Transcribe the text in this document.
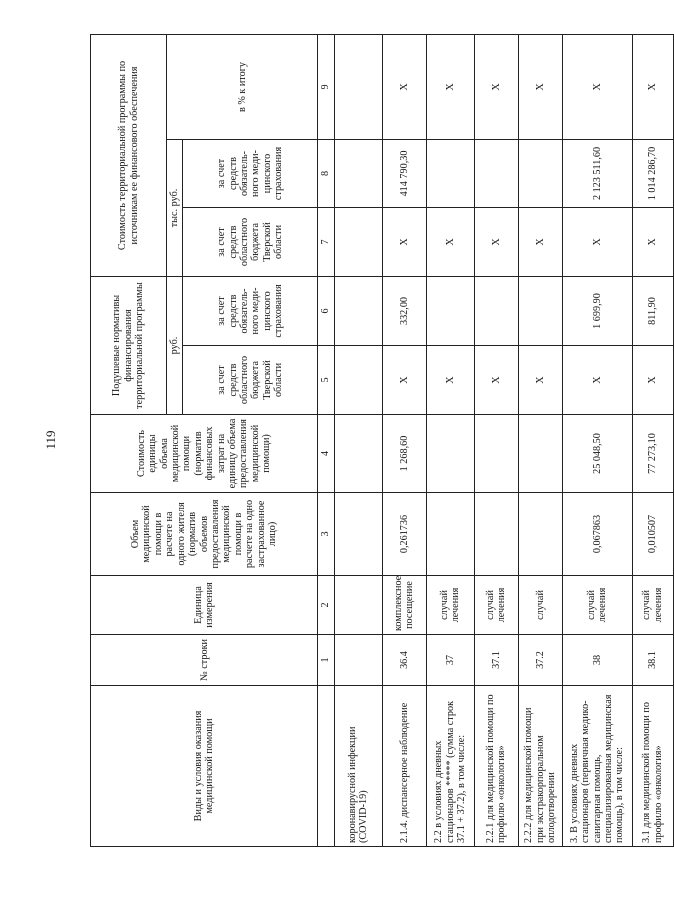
119
Виды и условия оказания медицинской помощи	№ строки	Единица измерения	Объем медицинской помощи в расчете на одного жителя (норматив объемов предоставления медицинской помощи в расчете на одно застрахованное лицо)	Стоимость единицы объема медицинской помощи (норматив финансовых затрат на единицу объема предоставления медицинской помощи)	Подушевые нормативы финансирования территориальной программы		Стоимость территориальной программы по источникам ее финансового обеспечения		
					руб.		тыс. руб.		в % к итогу
					за счет средств областного бюджета Тверской области	за счет средств обязатель-ного меди-цинского страхования	за счет средств областного бюджета Тверской области	за счет средств обязатель-ного меди-цинского страхования	
	1	2	3	4	5	6	7	8	9
коронавирусной инфекции (COVID-19)									
2.1.4. диспансерное наблюдение	36.4	комплексное посещение	0,261736	1 268,60	Х	332,00	Х	414 790,30	Х
2.2 в условиях дневных стационаров ***** (сумма строк 37.1 + 37.2), в том числе:	37	случай лечения			Х		Х		Х
2.2.1 для медицинской помощи по профилю «онкология»	37.1	случай лечения			Х		Х		Х
2.2.2 для медицинской помощи при экстракорпоральном оплодотворении	37.2	случай			Х		Х		Х
3. В условиях дневных стационаров (первичная медико-санитарная помощь, специализированная медицинская помощь), в том числе:	38	случай лечения	0,067863	25 048,50	Х	1 699,90	Х	2 123 511,60	Х
3.1 для медицинской помощи по профилю «онкология»	38.1	случай лечения	0,010507	77 273,10	Х	811,90	Х	1 014 286,70	Х
